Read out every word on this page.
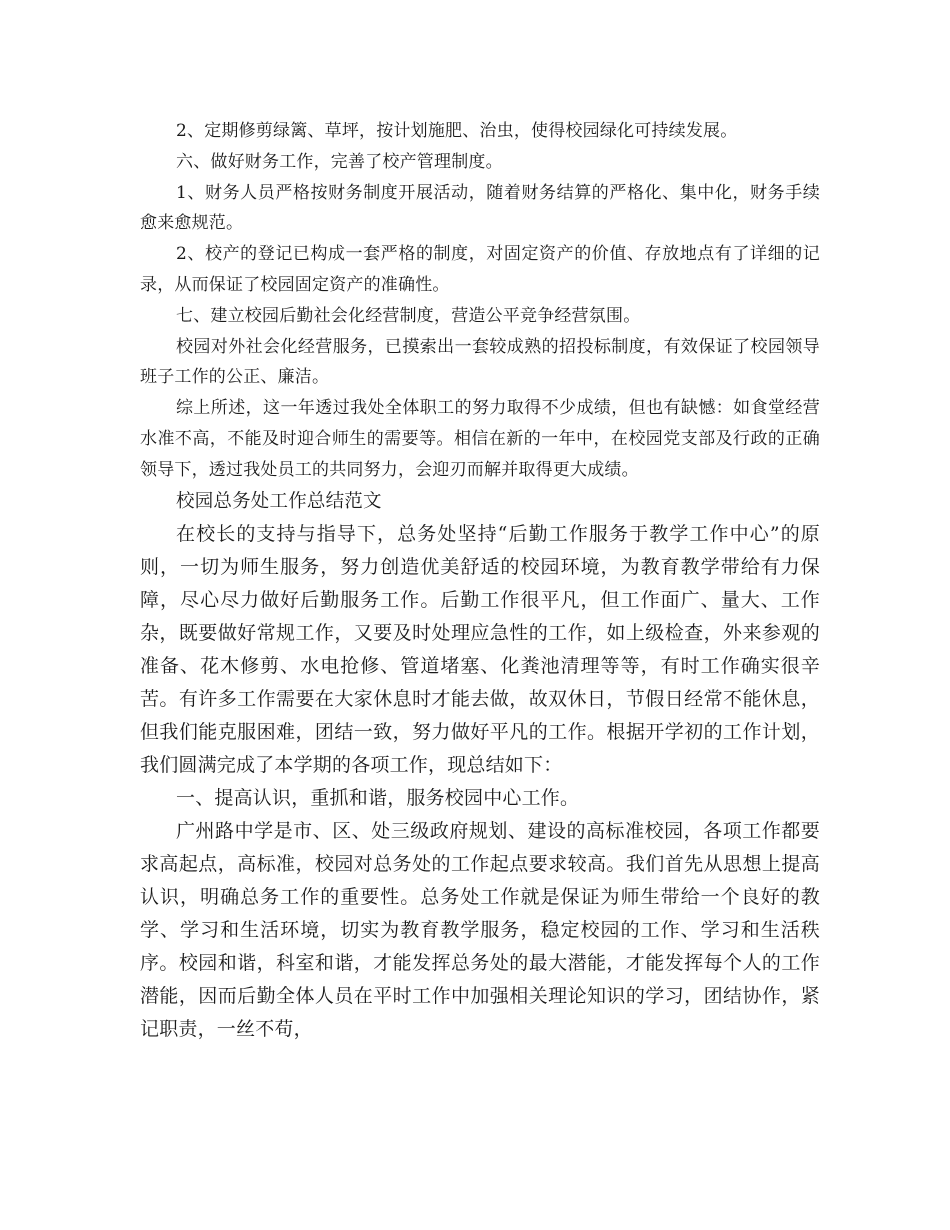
2、定期修剪绿篱、草坪，按计划施肥、治虫，使得校园绿化可持续发展。

六、做好财务工作，完善了校产管理制度。

1、财务人员严格按财务制度开展活动，随着财务结算的严格化、集中化，财务手续愈来愈规范。

2、校产的登记已构成一套严格的制度，对固定资产的价值、存放地点有了详细的记录，从而保证了校园固定资产的准确性。

七、建立校园后勤社会化经营制度，营造公平竞争经营氛围。

校园对外社会化经营服务，已摸索出一套较成熟的招投标制度，有效保证了校园领导班子工作的公正、廉洁。

综上所述，这一年透过我处全体职工的努力取得不少成绩，但也有缺憾：如食堂经营水准不高，不能及时迎合师生的需要等。相信在新的一年中，在校园党支部及行政的正确领导下，透过我处员工的共同努力，会迎刃而解并取得更大成绩。

校园总务处工作总结范文

在校长的支持与指导下，总务处坚持“后勤工作服务于教学工作中心”的原则，一切为师生服务，努力创造优美舒适的校园环境，为教育教学带给有力保障，尽心尽力做好后勤服务工作。后勤工作很平凡，但工作面广、量大、工作杂，既要做好常规工作，又要及时处理应急性的工作，如上级检查，外来参观的准备、花木修剪、水电抢修、管道堵塞、化粪池清理等等，有时工作确实很辛苦。有许多工作需要在大家休息时才能去做，故双休日，节假日经常不能休息，但我们能克服困难，团结一致，努力做好平凡的工作。根据开学初的工作计划，我们圆满完成了本学期的各项工作，现总结如下：

一、提高认识，重抓和谐，服务校园中心工作。

广州路中学是市、区、处三级政府规划、建设的高标准校园，各项工作都要求高起点，高标准，校园对总务处的工作起点要求较高。我们首先从思想上提高认识，明确总务工作的重要性。总务处工作就是保证为师生带给一个良好的教学、学习和生活环境，切实为教育教学服务，稳定校园的工作、学习和生活秩序。校园和谐，科室和谐，才能发挥总务处的最大潜能，才能发挥每个人的工作潜能，因而后勤全体人员在平时工作中加强相关理论知识的学习，团结协作，紧记职责，一丝不苟，
